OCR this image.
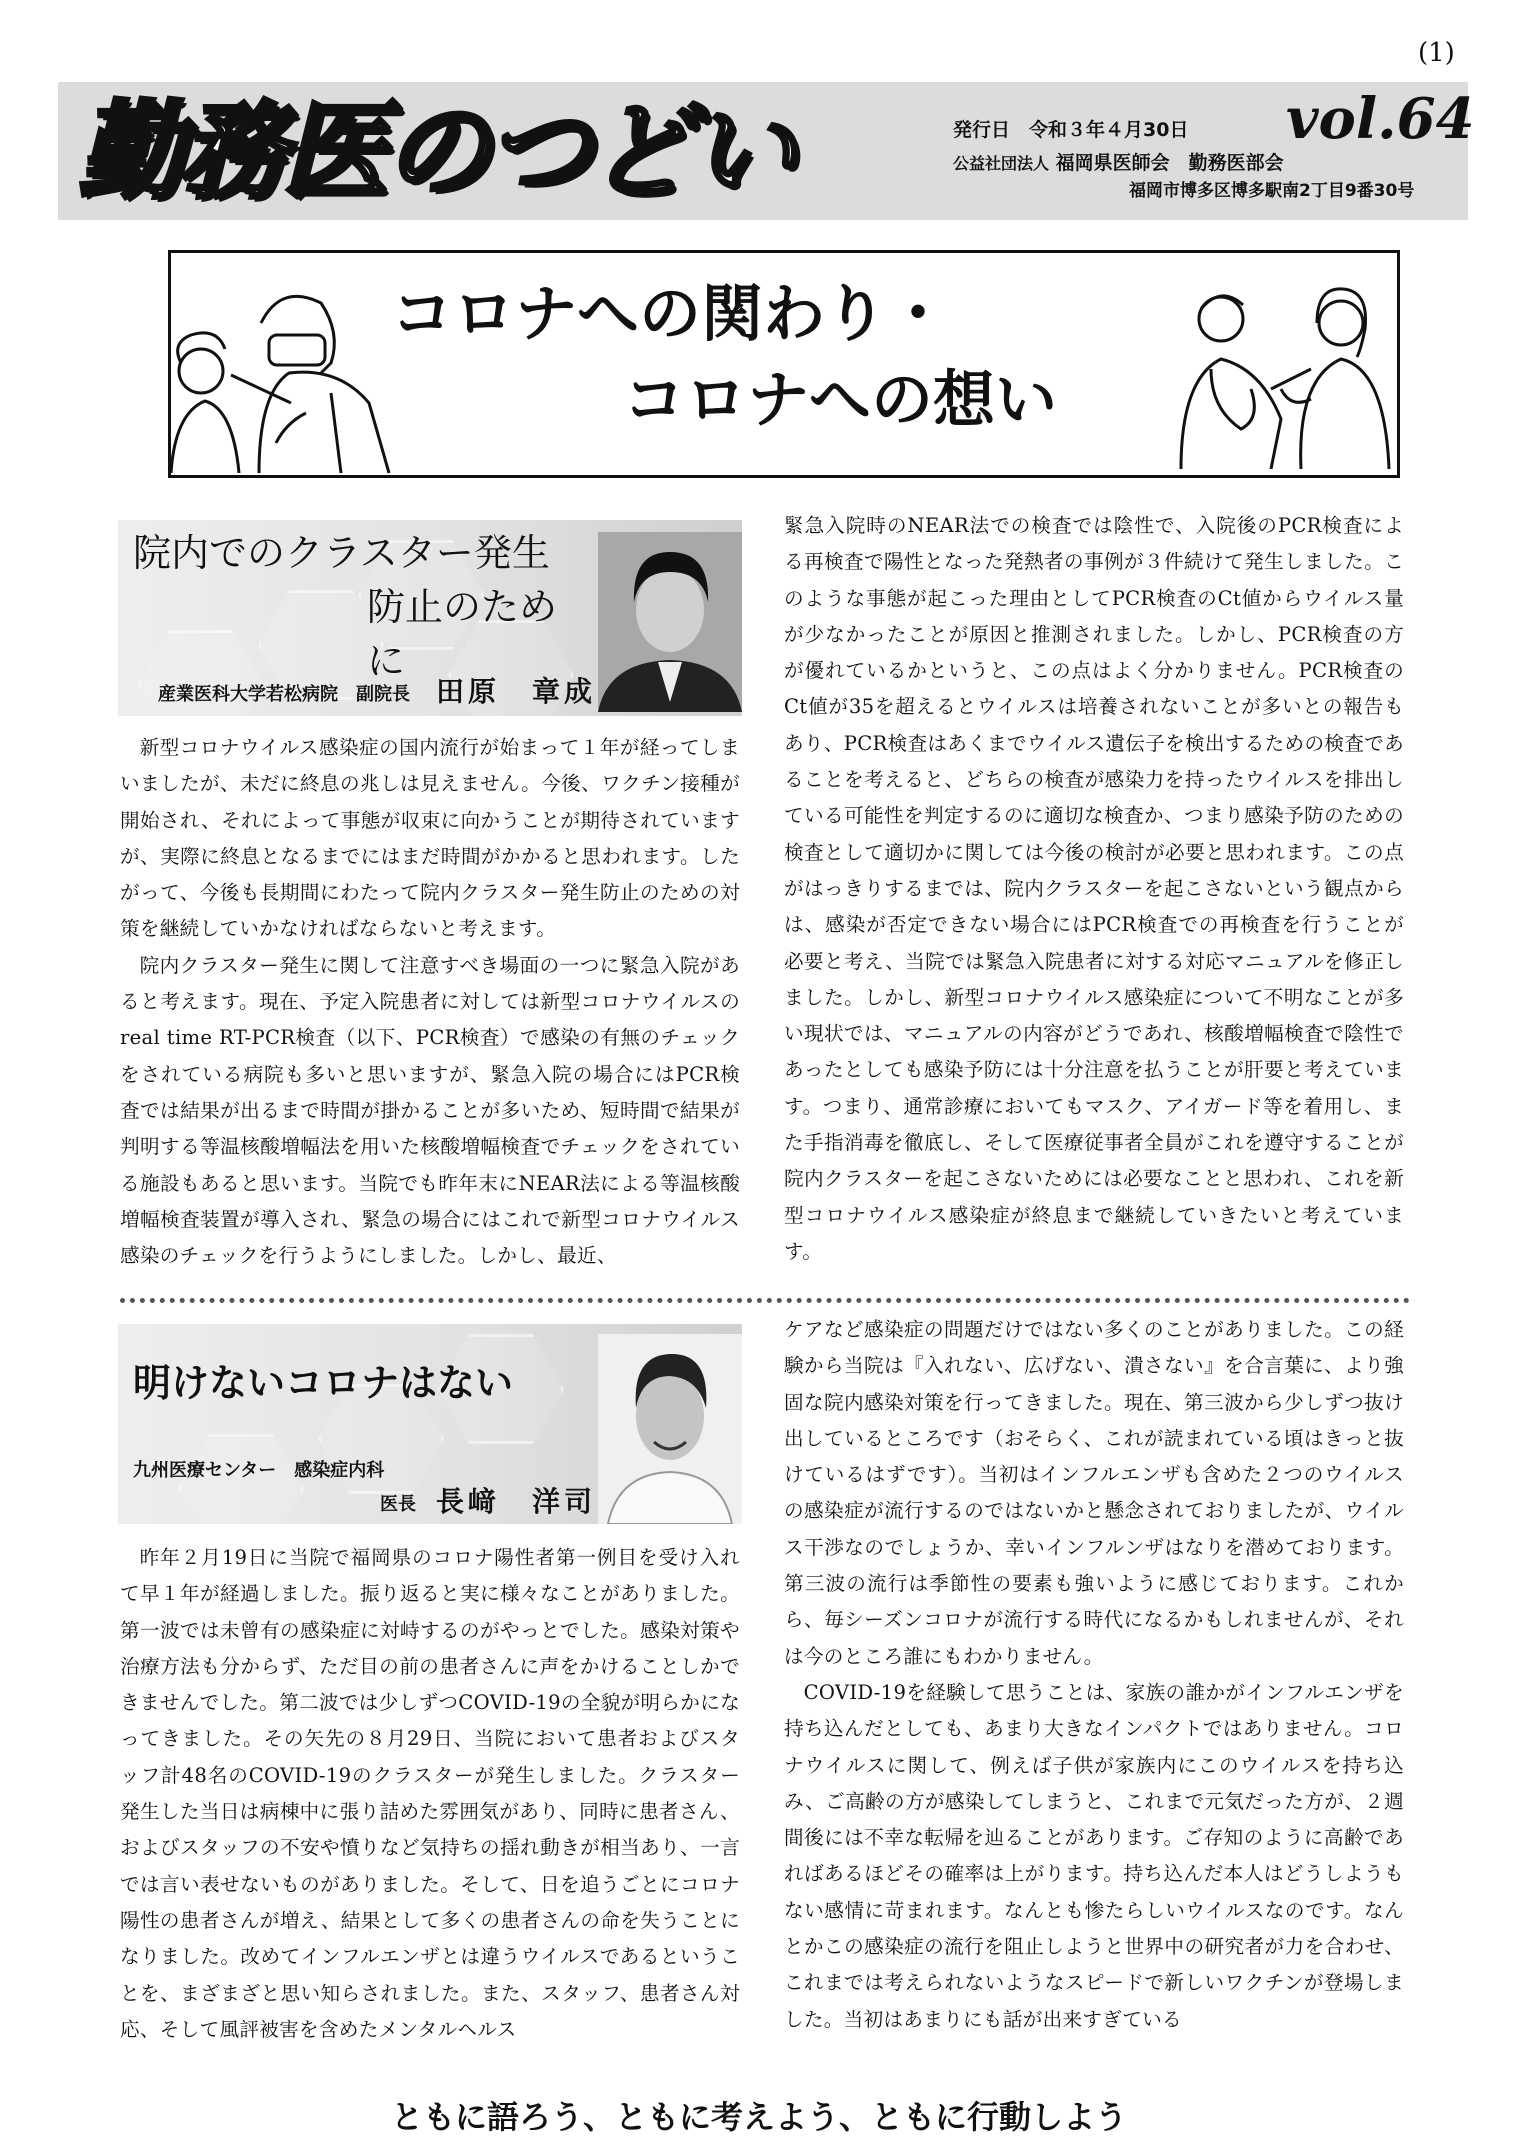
(1)
勤務医のつどい	発行日　令和３年４月30日
公益社団法人 福岡県医師会　勤務医部会
福岡市博多区博多駅南2丁目9番30号
vol.64
コロナへの関わり・
コロナへの想い
院内でのクラスター発生
防止のために
産業医科大学若松病院　副院長 田原　章成

新型コロナウイルス感染症の国内流行が始まって１年が経ってしまいましたが、未だに終息の兆しは見えません。今後、ワクチン接種が開始され、それによって事態が収束に向かうことが期待されていますが、実際に終息となるまでにはまだ時間がかかると思われます。したがって、今後も長期間にわたって院内クラスター発生防止のための対策を継続していかなければならないと考えます。

院内クラスター発生に関して注意すべき場面の一つに緊急入院があると考えます。現在、予定入院患者に対しては新型コロナウイルスのreal time RT-PCR検査（以下、PCR検査）で感染の有無のチェックをされている病院も多いと思いますが、緊急入院の場合にはPCR検査では結果が出るまで時間が掛かることが多いため、短時間で結果が判明する等温核酸増幅法を用いた核酸増幅検査でチェックをされている施設もあると思います。当院でも昨年末にNEAR法による等温核酸増幅検査装置が導入され、緊急の場合にはこれで新型コロナウイルス感染のチェックを行うようにしました。しかし、最近、

緊急入院時のNEAR法での検査では陰性で、入院後のPCR検査による再検査で陽性となった発熱者の事例が３件続けて発生しました。このような事態が起こった理由としてPCR検査のCt値からウイルス量が少なかったことが原因と推測されました。しかし、PCR検査の方が優れているかというと、この点はよく分かりません。PCR検査のCt値が35を超えるとウイルスは培養されないことが多いとの報告もあり、PCR検査はあくまでウイルス遺伝子を検出するための検査であることを考えると、どちらの検査が感染力を持ったウイルスを排出している可能性を判定するのに適切な検査か、つまり感染予防のための検査として適切かに関しては今後の検討が必要と思われます。この点がはっきりするまでは、院内クラスターを起こさないという観点からは、感染が否定できない場合にはPCR検査での再検査を行うことが必要と考え、当院では緊急入院患者に対する対応マニュアルを修正しました。しかし、新型コロナウイルス感染症について不明なことが多い現状では、マニュアルの内容がどうであれ、核酸増幅検査で陰性であったとしても感染予防には十分注意を払うことが肝要と考えています。つまり、通常診療においてもマスク、アイガード等を着用し、また手指消毒を徹底し、そして医療従事者全員がこれを遵守することが院内クラスターを起こさないためには必要なことと思われ、これを新型コロナウイルス感染症が終息まで継続していきたいと考えています。

明けないコロナはない
九州医療センター　感染症内科
医長 長﨑　洋司

昨年２月19日に当院で福岡県のコロナ陽性者第一例目を受け入れて早１年が経過しました。振り返ると実に様々なことがありました。第一波では未曾有の感染症に対峙するのがやっとでした。感染対策や治療方法も分からず、ただ目の前の患者さんに声をかけることしかできませんでした。第二波では少しずつCOVID-19の全貌が明らかになってきました。その矢先の８月29日、当院において患者およびスタッフ計48名のCOVID-19のクラスターが発生しました。クラスター発生した当日は病棟中に張り詰めた雰囲気があり、同時に患者さん、およびスタッフの不安や憤りなど気持ちの揺れ動きが相当あり、一言では言い表せないものがありました。そして、日を追うごとにコロナ陽性の患者さんが増え、結果として多くの患者さんの命を失うことになりました。改めてインフルエンザとは違うウイルスであるということを、まざまざと思い知らされました。また、スタッフ、患者さん対応、そして風評被害を含めたメンタルヘルス

ケアなど感染症の問題だけではない多くのことがありました。この経験から当院は『入れない、広げない、潰さない』を合言葉に、より強固な院内感染対策を行ってきました。現在、第三波から少しずつ抜け出しているところです（おそらく、これが読まれている頃はきっと抜けているはずです）。当初はインフルエンザも含めた２つのウイルスの感染症が流行するのではないかと懸念されておりましたが、ウイルス干渉なのでしょうか、幸いインフルンザはなりを潜めております。第三波の流行は季節性の要素も強いように感じております。これから、毎シーズンコロナが流行する時代になるかもしれませんが、それは今のところ誰にもわかりません。

COVID-19を経験して思うことは、家族の誰かがインフルエンザを持ち込んだとしても、あまり大きなインパクトではありません。コロナウイルスに関して、例えば子供が家族内にこのウイルスを持ち込み、ご高齢の方が感染してしまうと、これまで元気だった方が、２週間後には不幸な転帰を辿ることがあります。ご存知のように高齢であればあるほどその確率は上がります。持ち込んだ本人はどうしようもない感情に苛まれます。なんとも惨たらしいウイルスなのです。なんとかこの感染症の流行を阻止しようと世界中の研究者が力を合わせ、これまでは考えられないようなスピードで新しいワクチンが登場しました。当初はあまりにも話が出来すぎている

ともに語ろう、ともに考えよう、ともに行動しよう
